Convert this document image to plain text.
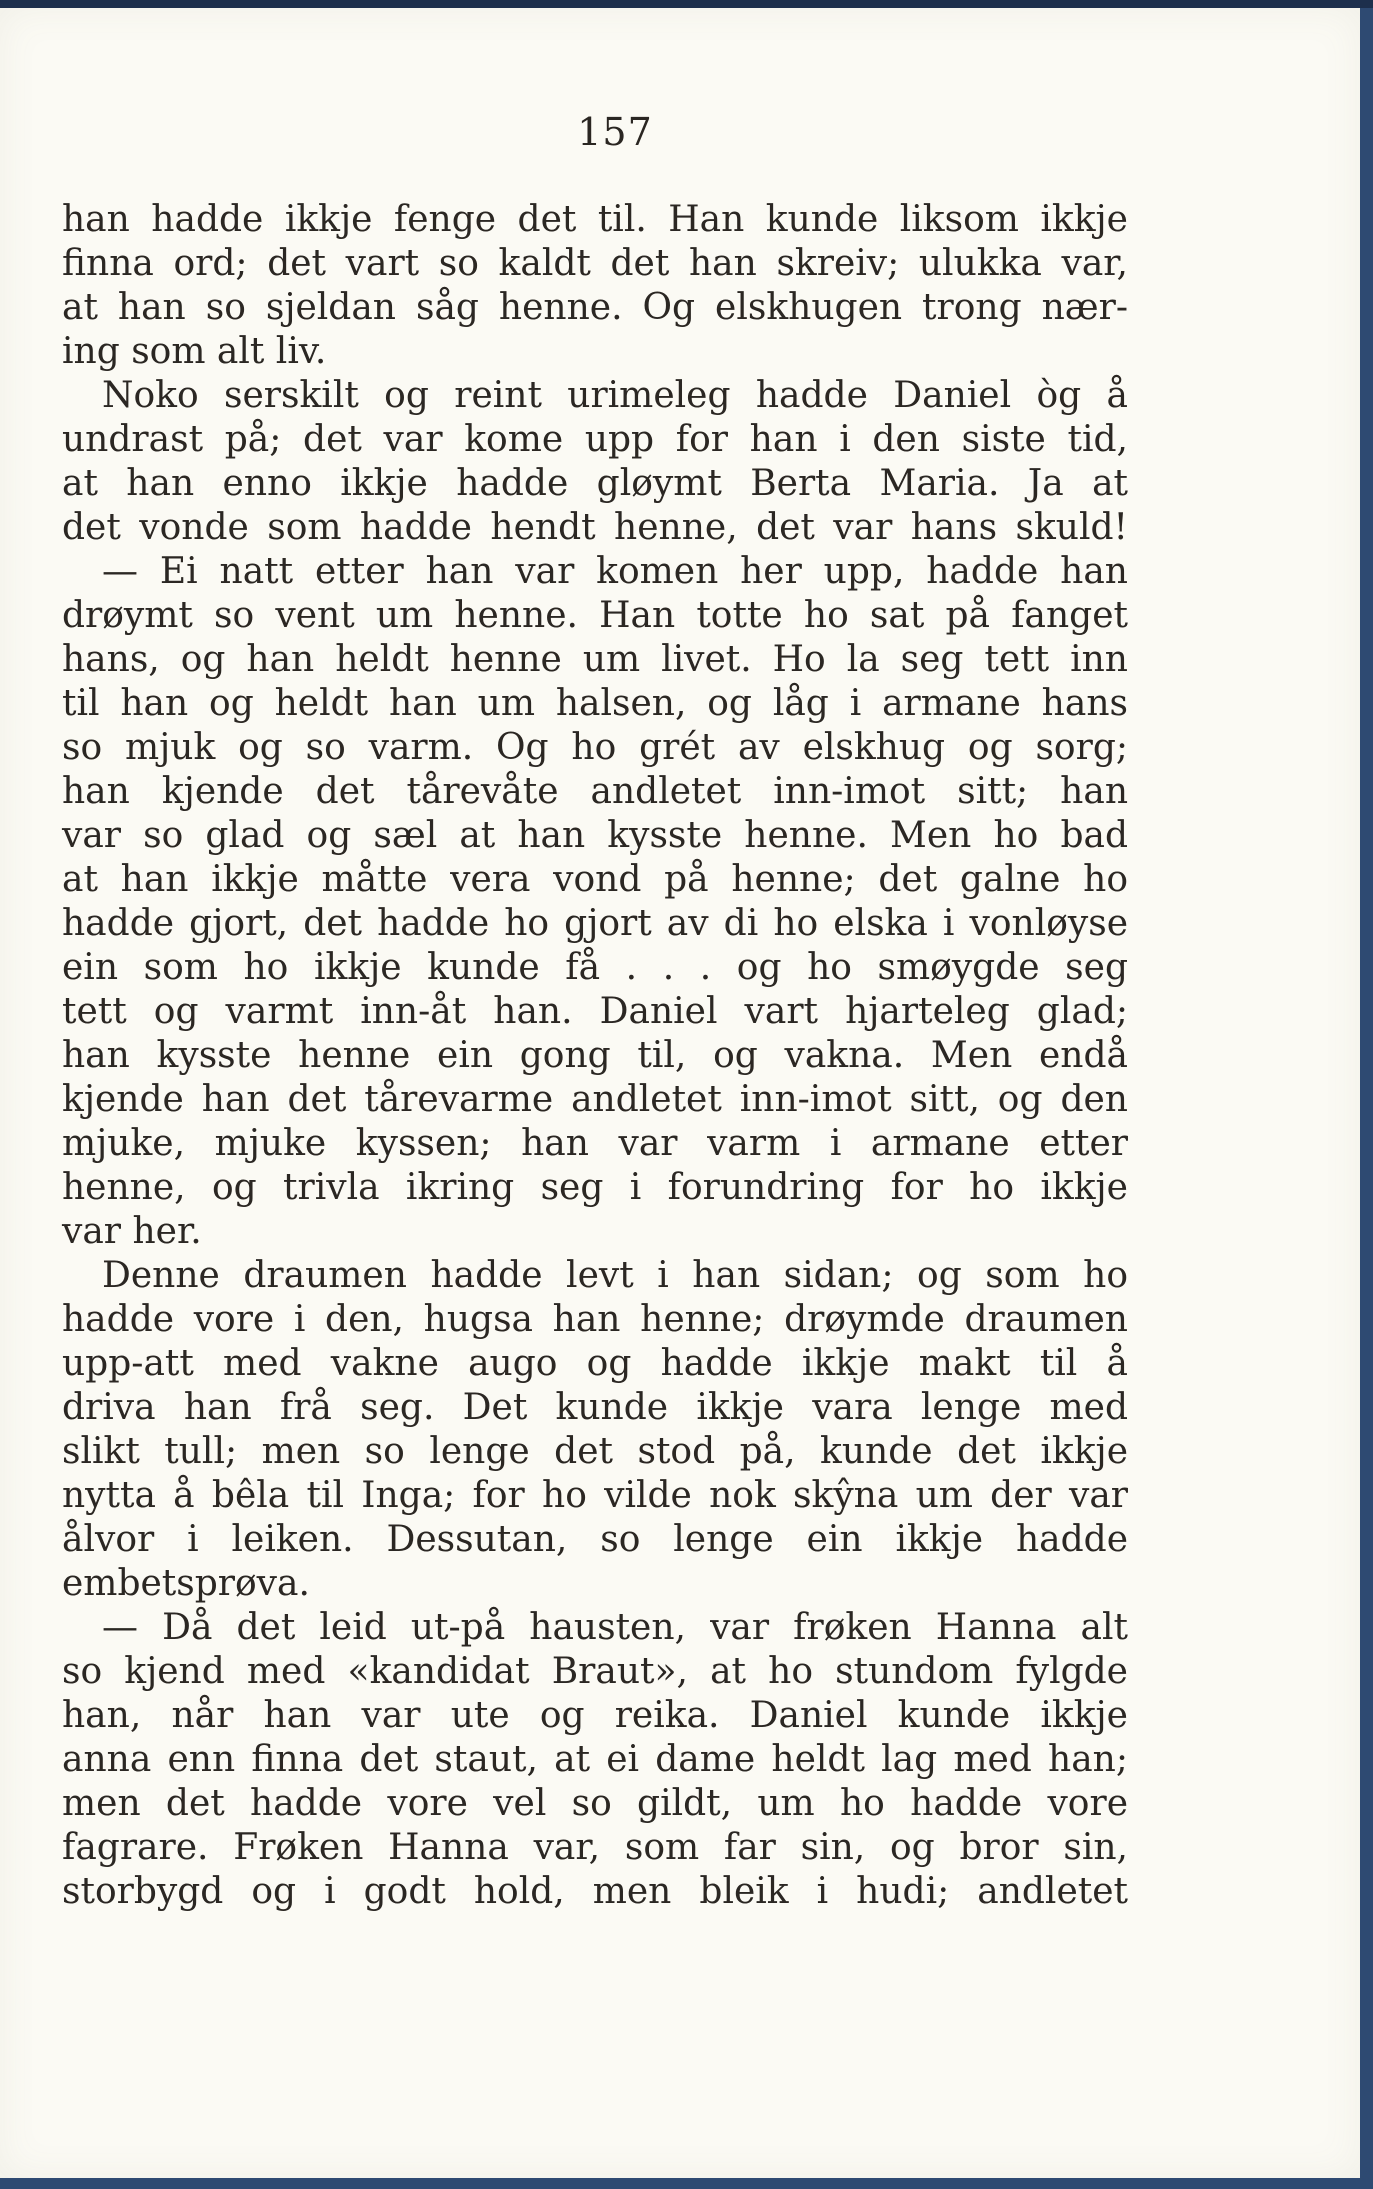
157

han hadde ikkje fenge det til. Han kunde liksom ikkje

finna ord; det vart so kaldt det han skreiv; ulukka var,

at han so sjeldan såg henne. Og elskhugen trong nær-

ing som alt liv.

Noko serskilt og reint urimeleg hadde Daniel òg å

undrast på; det var kome upp for han i den siste tid,

at han enno ikkje hadde gløymt Berta Maria. Ja at

det vonde som hadde hendt henne, det var hans skuld!

— Ei natt etter han var komen her upp, hadde han

drøymt so vent um henne. Han totte ho sat på fanget

hans, og han heldt henne um livet. Ho la seg tett inn

til han og heldt han um halsen, og låg i armane hans

so mjuk og so varm. Og ho grét av elskhug og sorg;

han kjende det tårevåte andletet inn-imot sitt; han

var so glad og sæl at han kysste henne. Men ho bad

at han ikkje måtte vera vond på henne; det galne ho

hadde gjort, det hadde ho gjort av di ho elska i vonløyse

ein som ho ikkje kunde få . . . og ho smøygde seg

tett og varmt inn-åt han. Daniel vart hjarteleg glad;

han kysste henne ein gong til, og vakna. Men endå

kjende han det tårevarme andletet inn-imot sitt, og den

mjuke, mjuke kyssen; han var varm i armane etter

henne, og trivla ikring seg i forundring for ho ikkje

var her.

Denne draumen hadde levt i han sidan; og som ho

hadde vore i den, hugsa han henne; drøymde draumen

upp-att med vakne augo og hadde ikkje makt til å

driva han frå seg. Det kunde ikkje vara lenge med

slikt tull; men so lenge det stod på, kunde det ikkje

nytta å bêla til Inga; for ho vilde nok skŷna um der var

ålvor i leiken. Dessutan, so lenge ein ikkje hadde

embetsprøva.

— Då det leid ut-på hausten, var frøken Hanna alt

so kjend med «kandidat Braut», at ho stundom fylgde

han, når han var ute og reika. Daniel kunde ikkje

anna enn finna det staut, at ei dame heldt lag med han;

men det hadde vore vel so gildt, um ho hadde vore

fagrare. Frøken Hanna var, som far sin, og bror sin,

storbygd og i godt hold, men bleik i hudi; andletet
